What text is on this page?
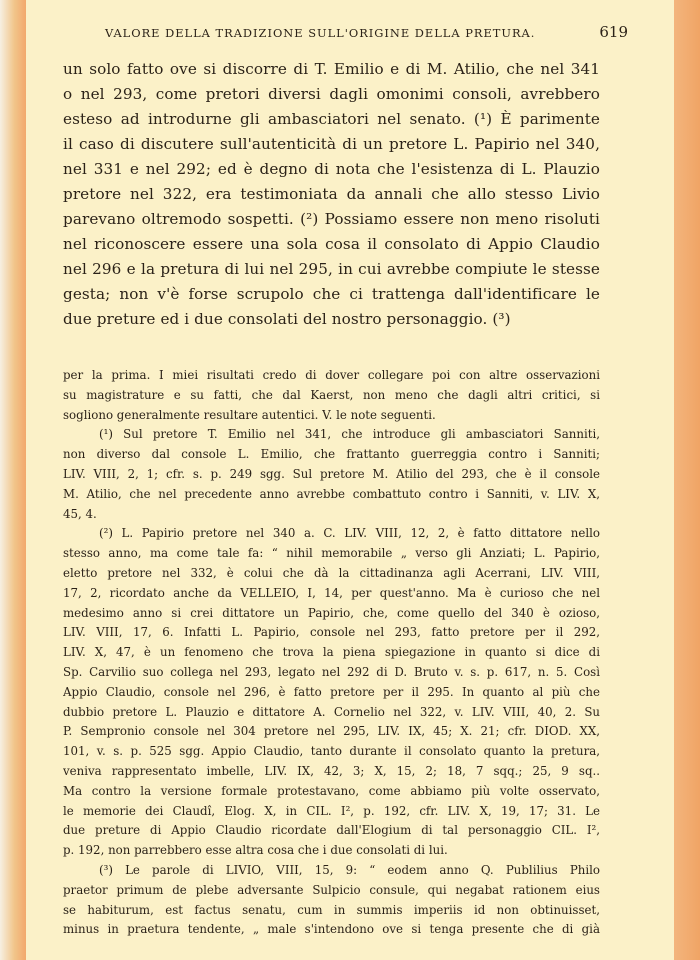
VALORE DELLA TRADIZIONE SULL'ORIGINE DELLA PRETURA.	619
un solo fatto ove si discorre di T. Emilio e di M. Atilio, che nel 341
o nel 293, come pretori diversi dagli omonimi consoli, avrebbero
esteso ad introdurne gli ambasciatori nel senato. (¹) È parimente
il caso di discutere sull'autenticità di un pretore L. Papirio nel 340,
nel 331 e nel 292; ed è degno di nota che l'esistenza di L. Plauzio
pretore nel 322, era testimoniata da annali che allo stesso Livio
parevano oltremodo sospetti. (²) Possiamo essere non meno risoluti
nel riconoscere essere una sola cosa il consolato di Appio Claudio
nel 296 e la pretura di lui nel 295, in cui avrebbe compiute le stesse
gesta; non v'è forse scrupolo che ci trattenga dall'identificare le
due preture ed i due consolati del nostro personaggio. (³)
per la prima. I miei risultati credo di dover collegare poi con altre osservazioni
su magistrature e su fatti, che dal Kaerst, non meno che dagli altri critici, si
sogliono generalmente resultare autentici. V. le note seguenti.
(¹) Sul pretore T. Emilio nel 341, che introduce gli ambasciatori Sanniti,
non diverso dal console L. Emilio, che frattanto guerreggia contro i Sanniti;
LIV. VIII, 2, 1; cfr. s. p. 249 sgg. Sul pretore M. Atilio del 293, che è il console
M. Atilio, che nel precedente anno avrebbe combattuto contro i Sanniti, v. LIV. X,
45, 4.
(²) L. Papirio pretore nel 340 a. C. LIV. VIII, 12, 2, è fatto dittatore nello
stesso anno, ma come tale fa: “ nihil memorabile „ verso gli Anziati; L. Papirio,
eletto pretore nel 332, è colui che dà la cittadinanza agli Acerrani, LIV. VIII,
17, 2, ricordato anche da VELLEIO, I, 14, per quest'anno. Ma è curioso che nel
medesimo anno si crei dittatore un Papirio, che, come quello del 340 è ozioso,
LIV. VIII, 17, 6. Infatti L. Papirio, console nel 293, fatto pretore per il 292,
LIV. X, 47, è un fenomeno che trova la piena spiegazione in quanto si dice di
Sp. Carvilio suo collega nel 293, legato nel 292 di D. Bruto v. s. p. 617, n. 5. Così
Appio Claudio, console nel 296, è fatto pretore per il 295. In quanto al più che
dubbio pretore L. Plauzio e dittatore A. Cornelio nel 322, v. LIV. VIII, 40, 2. Su
P. Sempronio console nel 304 pretore nel 295, LIV. IX, 45; X. 21; cfr. DIOD. XX,
101, v. s. p. 525 sgg. Appio Claudio, tanto durante il consolato quanto la pretura,
veniva rappresentato imbelle, LIV. IX, 42, 3; X, 15, 2; 18, 7 sqq.; 25, 9 sq..
Ma contro la versione formale protestavano, come abbiamo più volte osservato,
le memorie dei Claudî, Elog. X, in CIL. I², p. 192, cfr. LIV. X, 19, 17; 31. Le
due preture di Appio Claudio ricordate dall'Elogium di tal personaggio CIL. I²,
p. 192, non parrebbero esse altra cosa che i due consolati di lui.
(³) Le parole di LIVIO, VIII, 15, 9: “ eodem anno Q. Publilius Philo
praetor primum de plebe adversante Sulpicio consule, qui negabat rationem eius
se habiturum, est factus senatu, cum in summis imperiis id non obtinuisset,
minus in praetura tendente, „ male s'intendono ove si tenga presente che di già
